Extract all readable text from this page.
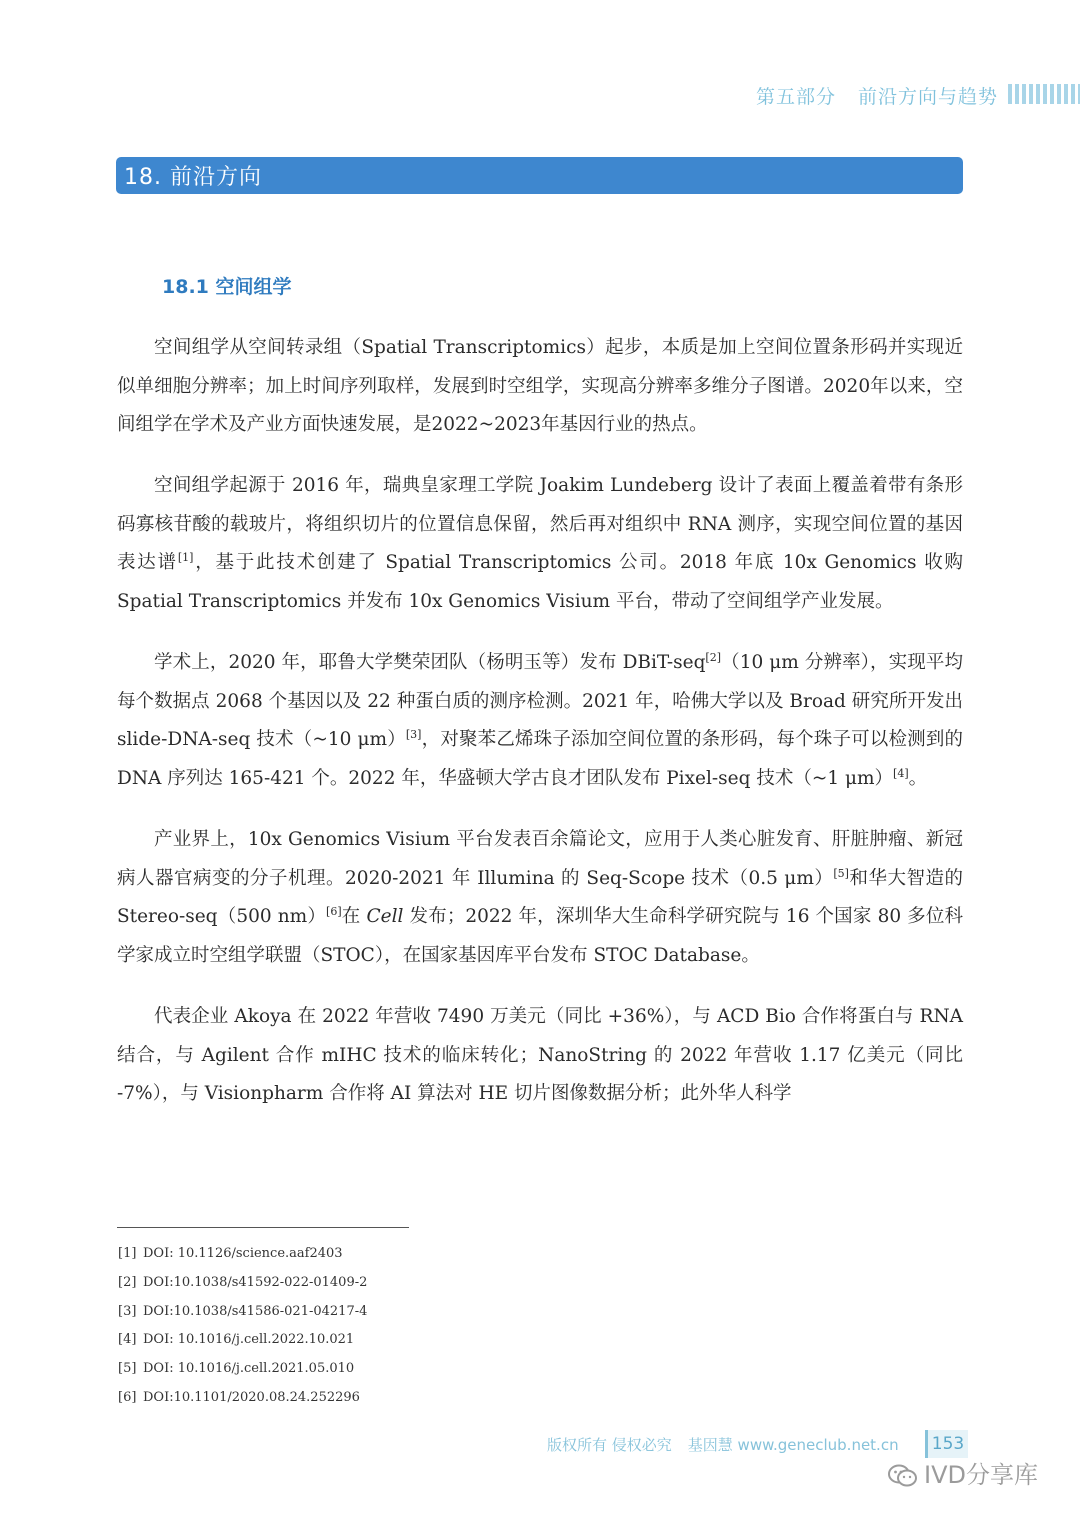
第五部分 前沿方向与趋势
18. 前沿方向
18.1 空间组学

空间组学从空间转录组（Spatial Transcriptomics）起步，本质是加上空间位置条形码并实现近似单细胞分辨率；加上时间序列取样，发展到时空组学，实现高分辨率多维分子图谱。2020年以来，空间组学在学术及产业方面快速发展，是2022~2023年基因行业的热点。

空间组学起源于 2016 年，瑞典皇家理工学院 Joakim Lundeberg 设计了表面上覆盖着带有条形码寡核苷酸的载玻片，将组织切片的位置信息保留，然后再对组织中 RNA 测序，实现空间位置的基因表达谱[1]，基于此技术创建了 Spatial Transcriptomics 公司。2018 年底 10x Genomics 收购 Spatial Transcriptomics 并发布 10x Genomics Visium 平台，带动了空间组学产业发展。

学术上，2020 年，耶鲁大学樊荣团队（杨明玉等）发布 DBiT-seq[2]（10 μm 分辨率），实现平均每个数据点 2068 个基因以及 22 种蛋白质的测序检测。2021 年，哈佛大学以及 Broad 研究所开发出 slide-DNA-seq 技术（~10 μm）[3]，对聚苯乙烯珠子添加空间位置的条形码，每个珠子可以检测到的 DNA 序列达 165-421 个。2022 年，华盛顿大学古良才团队发布 Pixel-seq 技术（~1 μm）[4]。

产业界上，10x Genomics Visium 平台发表百余篇论文，应用于人类心脏发育、肝脏肿瘤、新冠病人器官病变的分子机理。2020-2021 年 Illumina 的 Seq-Scope 技术（0.5 μm）[5]和华大智造的 Stereo-seq（500 nm）[6]在 Cell 发布；2022 年，深圳华大生命科学研究院与 16 个国家 80 多位科学家成立时空组学联盟（STOC），在国家基因库平台发布 STOC Database。

代表企业 Akoya 在 2022 年营收 7490 万美元（同比 +36%），与 ACD Bio 合作将蛋白与 RNA 结合，与 Agilent 合作 mIHC 技术的临床转化；NanoString 的 2022 年营收 1.17 亿美元（同比 -7%），与 Visionpharm 合作将 AI 算法对 HE 切片图像数据分析；此外华人科学

[1] DOI: 10.1126/science.aaf2403
[2] DOI:10.1038/s41592-022-01409-2
[3] DOI:10.1038/s41586-021-04217-4
[4] DOI: 10.1016/j.cell.2022.10.021
[5] DOI: 10.1016/j.cell.2021.05.010
[6] DOI:10.1101/2020.08.24.252296
版权所有 侵权必究 基因慧 www.geneclub.net.cn	153
IVD分享库
